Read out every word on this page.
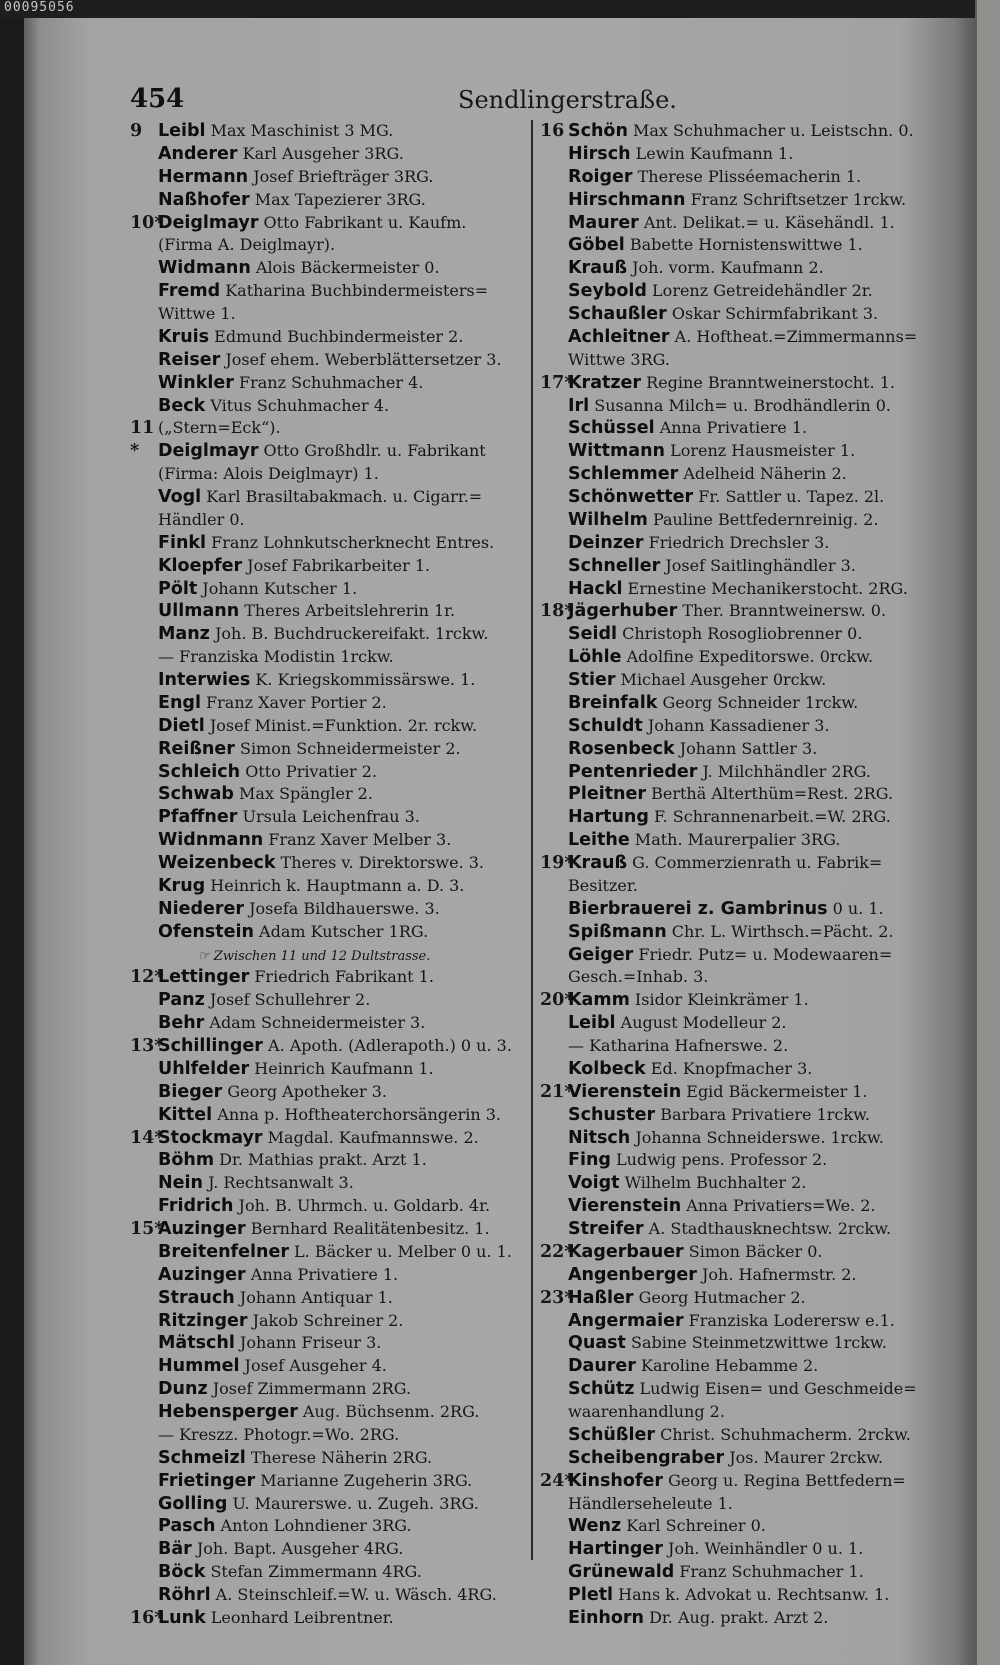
00095056
454	Sendlingerstraße.
9 Leibl Max Maschinist 3 MG.
Anderer Karl Ausgeher 3RG.
Hermann Josef Briefträger 3RG.
Naßhofer Max Tapezierer 3RG.
10*Deiglmayr Otto Fabrikant u. Kaufm.
(Firma A. Deiglmayr).
Widmann Alois Bäckermeister 0.
Fremd Katharina Buchbindermeisters=
Wittwe 1.
Kruis Edmund Buchbindermeister 2.
Reiser Josef ehem. Weberblättersetzer 3.
Winkler Franz Schuhmacher 4.
Beck Vitus Schuhmacher 4.
11 („Stern=Eck“).
* Deiglmayr Otto Großhdlr. u. Fabrikant
(Firma: Alois Deiglmayr) 1.
Vogl Karl Brasiltabakmach. u. Cigarr.=
Händler 0.
Finkl Franz Lohnkutscherknecht Entres.
Kloepfer Josef Fabrikarbeiter 1.
Pölt Johann Kutscher 1.
Ullmann Theres Arbeitslehrerin 1r.
Manz Joh. B. Buchdruckereifakt. 1rckw.
— Franziska Modistin 1rckw.
Interwies K. Kriegskommissärswe. 1.
Engl Franz Xaver Portier 2.
Dietl Josef Minist.=Funktion. 2r. rckw.
Reißner Simon Schneidermeister 2.
Schleich Otto Privatier 2.
Schwab Max Spängler 2.
Pfaffner Ursula Leichenfrau 3.
Widnmann Franz Xaver Melber 3.
Weizenbeck Theres v. Direktorswe. 3.
Krug Heinrich k. Hauptmann a. D. 3.
Niederer Josefa Bildhauerswe. 3.
Ofenstein Adam Kutscher 1RG.
☞ Zwischen 11 und 12 Dultstrasse.
12*Lettinger Friedrich Fabrikant 1.
Panz Josef Schullehrer 2.
Behr Adam Schneidermeister 3.
13*Schillinger A. Apoth. (Adlerapoth.) 0 u. 3.
Uhlfelder Heinrich Kaufmann 1.
Bieger Georg Apotheker 3.
Kittel Anna p. Hoftheaterchorsängerin 3.
14*Stockmayr Magdal. Kaufmannswe. 2.
Böhm Dr. Mathias prakt. Arzt 1.
Nein J. Rechtsanwalt 3.
Fridrich Joh. B. Uhrmch. u. Goldarb. 4r.
15*Auzinger Bernhard Realitätenbesitz. 1.
Breitenfelner L. Bäcker u. Melber 0 u. 1.
Auzinger Anna Privatiere 1.
Strauch Johann Antiquar 1.
Ritzinger Jakob Schreiner 2.
Mätschl Johann Friseur 3.
Hummel Josef Ausgeher 4.
Dunz Josef Zimmermann 2RG.
Hebensperger Aug. Büchsenm. 2RG.
— Kreszz. Photogr.=Wo. 2RG.
Schmeizl Therese Näherin 2RG.
Frietinger Marianne Zugeherin 3RG.
Golling U. Maurerswe. u. Zugeh. 3RG.
Pasch Anton Lohndiener 3RG.
Bär Joh. Bapt. Ausgeher 4RG.
Böck Stefan Zimmermann 4RG.
Röhrl A. Steinschleif.=W. u. Wäsch. 4RG.
16*Lunk Leonhard Leibrentner.
16 Schön Max Schuhmacher u. Leistschn. 0.
Hirsch Lewin Kaufmann 1.
Roiger Therese Plisséemacherin 1.
Hirschmann Franz Schriftsetzer 1rckw.
Maurer Ant. Delikat.= u. Käsehändl. 1.
Göbel Babette Hornistenswittwe 1.
Krauß Joh. vorm. Kaufmann 2.
Seybold Lorenz Getreidehändler 2r.
Schaußler Oskar Schirmfabrikant 3.
Achleitner A. Hoftheat.=Zimmermanns=
Wittwe 3RG.
17*Kratzer Regine Branntweinerstocht. 1.
Irl Susanna Milch= u. Brodhändlerin 0.
Schüssel Anna Privatiere 1.
Wittmann Lorenz Hausmeister 1.
Schlemmer Adelheid Näherin 2.
Schönwetter Fr. Sattler u. Tapez. 2l.
Wilhelm Pauline Bettfedernreinig. 2.
Deinzer Friedrich Drechsler 3.
Schneller Josef Saitlinghändler 3.
Hackl Ernestine Mechanikerstocht. 2RG.
18*Jägerhuber Ther. Branntweinersw. 0.
Seidl Christoph Rosogliobrenner 0.
Löhle Adolfine Expeditorswe. 0rckw.
Stier Michael Ausgeher 0rckw.
Breinfalk Georg Schneider 1rckw.
Schuldt Johann Kassadiener 3.
Rosenbeck Johann Sattler 3.
Pentenrieder J. Milchhändler 2RG.
Pleitner Berthä Alterthüm=Rest. 2RG.
Hartung F. Schrannenarbeit.=W. 2RG.
Leithe Math. Maurerpalier 3RG.
19*Krauß G. Commerzienrath u. Fabrik=
Besitzer.
Bierbrauerei z. Gambrinus 0 u. 1.
Spißmann Chr. L. Wirthsch.=Pächt. 2.
Geiger Friedr. Putz= u. Modewaaren=
Gesch.=Inhab. 3.
20*Kamm Isidor Kleinkrämer 1.
Leibl August Modelleur 2.
— Katharina Hafnerswe. 2.
Kolbeck Ed. Knopfmacher 3.
21*Vierenstein Egid Bäckermeister 1.
Schuster Barbara Privatiere 1rckw.
Nitsch Johanna Schneiderswe. 1rckw.
Fing Ludwig pens. Professor 2.
Voigt Wilhelm Buchhalter 2.
Vierenstein Anna Privatiers=We. 2.
Streifer A. Stadthausknechtsw. 2rckw.
22*Kagerbauer Simon Bäcker 0.
Angenberger Joh. Hafnermstr. 2.
23*Haßler Georg Hutmacher 2.
Angermaier Franziska Loderersw e.1.
Quast Sabine Steinmetzwittwe 1rckw.
Daurer Karoline Hebamme 2.
Schütz Ludwig Eisen= und Geschmeide=
waarenhandlung 2.
Schüßler Christ. Schuhmacherm. 2rckw.
Scheibengraber Jos. Maurer 2rckw.
24*Kinshofer Georg u. Regina Bettfedern=
Händlerseheleute 1.
Wenz Karl Schreiner 0.
Hartinger Joh. Weinhändler 0 u. 1.
Grünewald Franz Schuhmacher 1.
Pletl Hans k. Advokat u. Rechtsanw. 1.
Einhorn Dr. Aug. prakt. Arzt 2.
